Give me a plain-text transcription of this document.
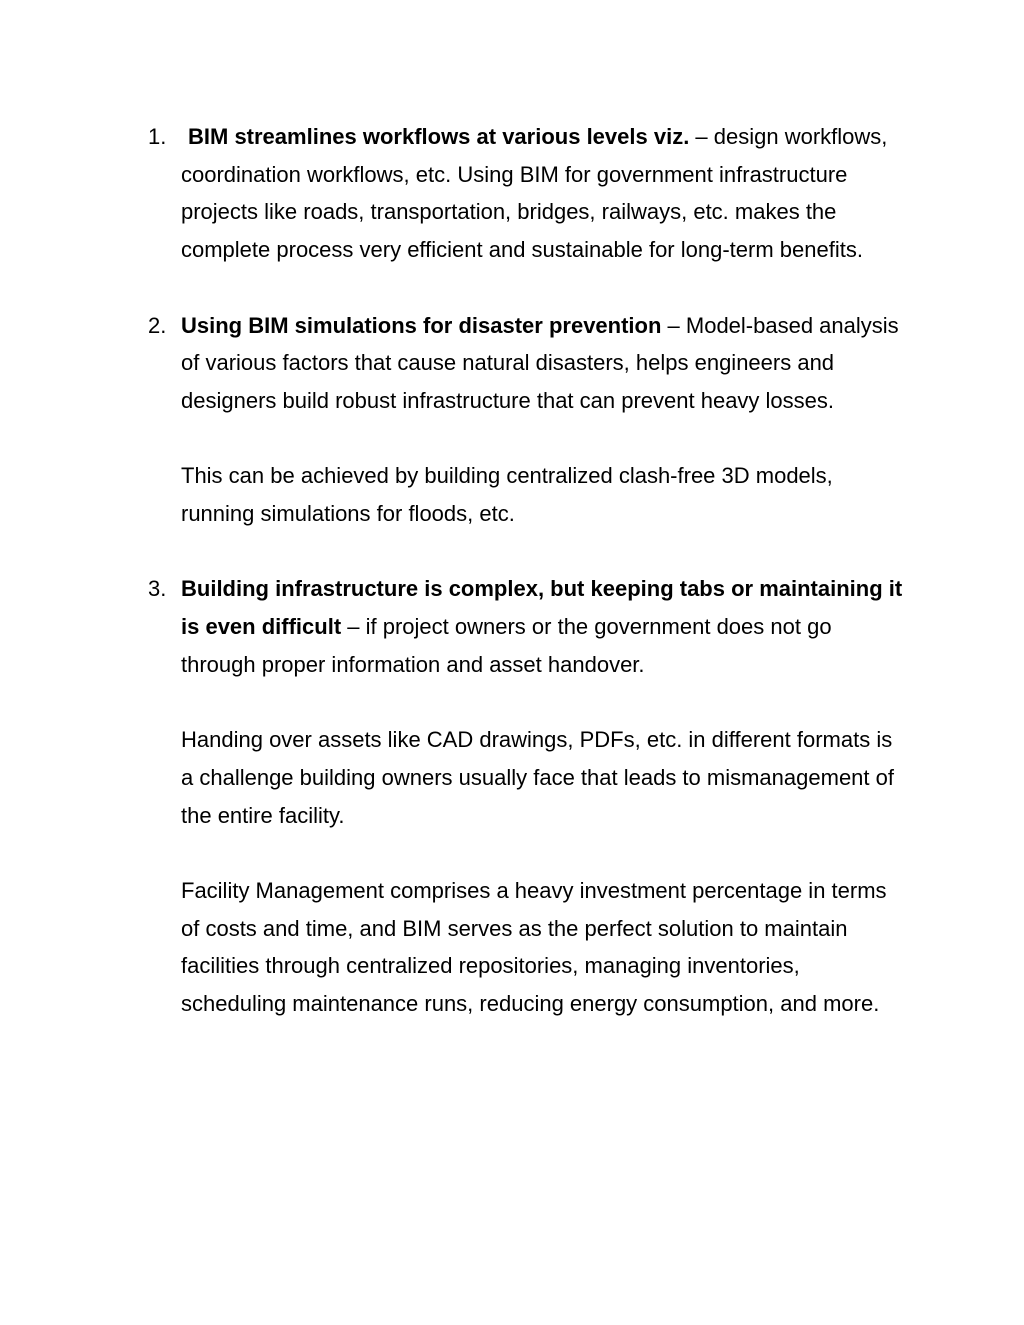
1. BIM streamlines workflows at various levels viz. – design workflows, coordination workflows, etc. Using BIM for government infrastructure projects like roads, transportation, bridges, railways, etc. makes the complete process very efficient and sustainable for long-term benefits.

2. Using BIM simulations for disaster prevention – Model-based analysis of various factors that cause natural disasters, helps engineers and designers build robust infrastructure that can prevent heavy losses.

This can be achieved by building centralized clash-free 3D models, running simulations for floods, etc.

3. Building infrastructure is complex, but keeping tabs or maintaining it is even difficult – if project owners or the government does not go through proper information and asset handover.

Handing over assets like CAD drawings, PDFs, etc. in different formats is a challenge building owners usually face that leads to mismanagement of the entire facility.

Facility Management comprises a heavy investment percentage in terms of costs and time, and BIM serves as the perfect solution to maintain facilities through centralized repositories, managing inventories, scheduling maintenance runs, reducing energy consumption, and more.
